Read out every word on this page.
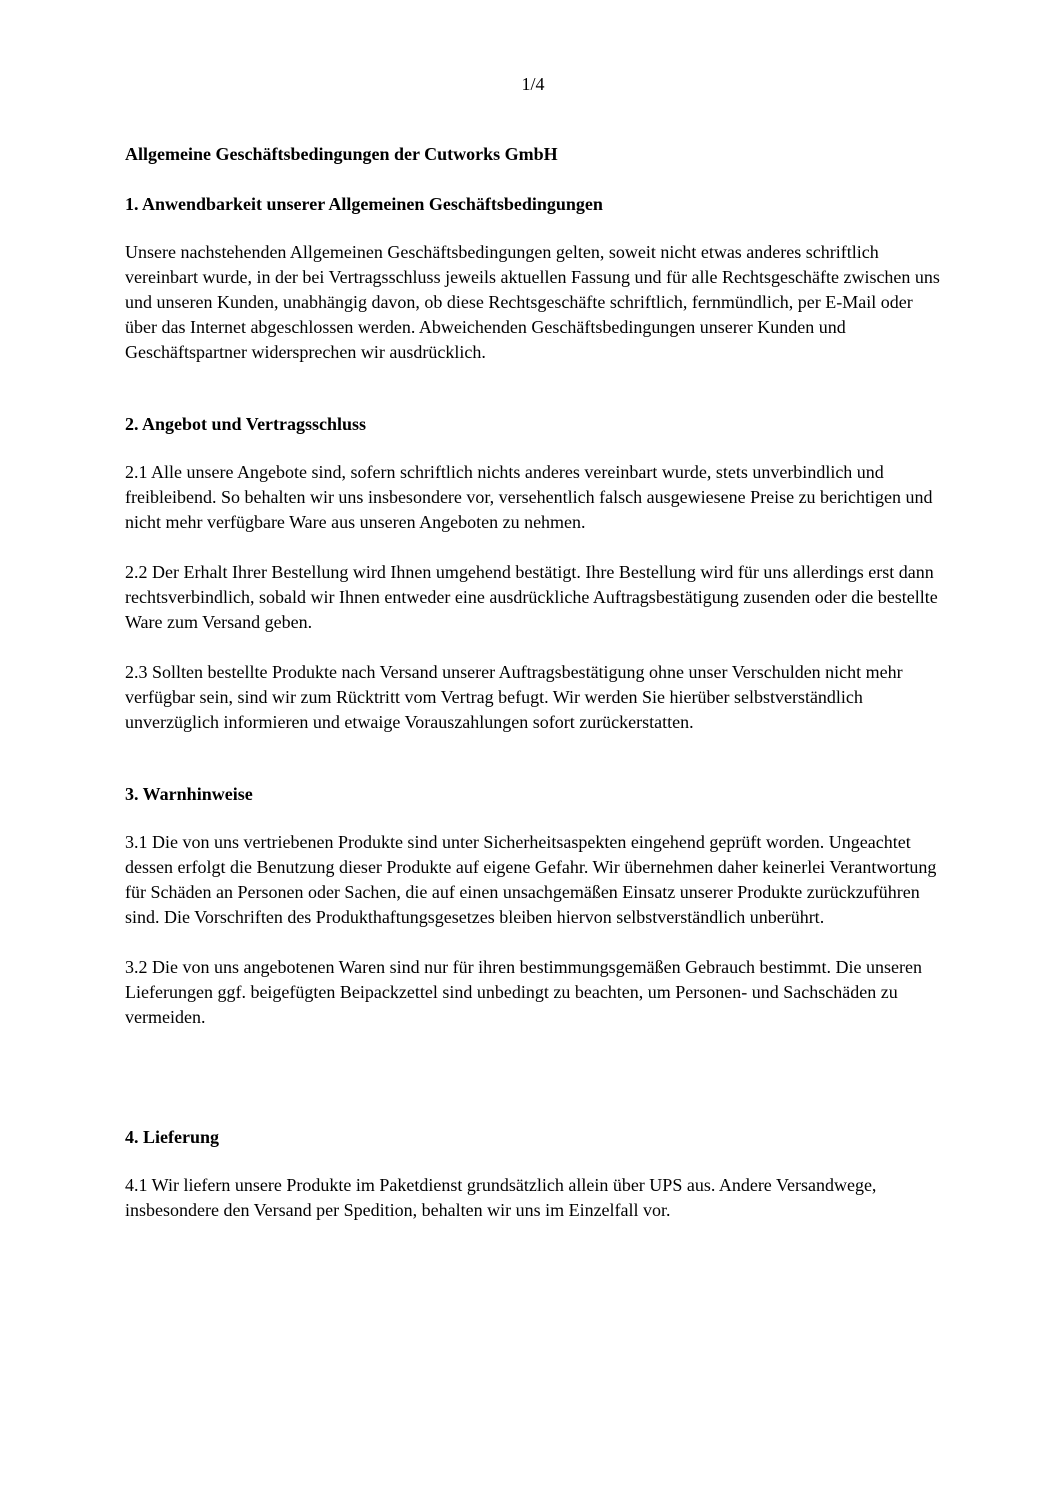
1/4
Allgemeine Geschäftsbedingungen der Cutworks GmbH
1. Anwendbarkeit unserer Allgemeinen Geschäftsbedingungen

Unsere nachstehenden Allgemeinen Geschäftsbedingungen gelten, soweit nicht etwas anderes schriftlich vereinbart wurde, in der bei Vertragsschluss jeweils aktuellen Fassung und für alle Rechtsgeschäfte zwischen uns und unseren Kunden, unabhängig davon, ob diese Rechtsgeschäfte schriftlich, fernmündlich, per E-Mail oder über das Internet abgeschlossen werden. Abweichenden Geschäftsbedingungen unserer Kunden und Geschäftspartner widersprechen wir ausdrücklich.

2. Angebot und Vertragsschluss

2.1 Alle unsere Angebote sind, sofern schriftlich nichts anderes vereinbart wurde, stets unverbindlich und freibleibend. So behalten wir uns insbesondere vor, versehentlich falsch ausgewiesene Preise zu berichtigen und nicht mehr verfügbare Ware aus unseren Angeboten zu nehmen.

2.2 Der Erhalt Ihrer Bestellung wird Ihnen umgehend bestätigt. Ihre Bestellung wird für uns allerdings erst dann rechtsverbindlich, sobald wir Ihnen entweder eine ausdrückliche Auftragsbestätigung zusenden oder die bestellte Ware zum Versand geben.

2.3 Sollten bestellte Produkte nach Versand unserer Auftragsbestätigung ohne unser Verschulden nicht mehr verfügbar sein, sind wir zum Rücktritt vom Vertrag befugt. Wir werden Sie hierüber selbstverständlich unverzüglich informieren und etwaige Vorauszahlungen sofort zurückerstatten.

3. Warnhinweise

3.1 Die von uns vertriebenen Produkte sind unter Sicherheitsaspekten eingehend geprüft worden. Ungeachtet dessen erfolgt die Benutzung dieser Produkte auf eigene Gefahr. Wir übernehmen daher keinerlei Verantwortung für Schäden an Personen oder Sachen, die auf einen unsachgemäßen Einsatz unserer Produkte zurückzuführen sind. Die Vorschriften des Produkthaftungsgesetzes bleiben hiervon selbstverständlich unberührt.

3.2 Die von uns angebotenen Waren sind nur für ihren bestimmungsgemäßen Gebrauch bestimmt. Die unseren Lieferungen ggf. beigefügten Beipackzettel sind unbedingt zu beachten, um Personen- und Sachschäden zu vermeiden.

4. Lieferung

4.1 Wir liefern unsere Produkte im Paketdienst grundsätzlich allein über UPS aus. Andere Versandwege, insbesondere den Versand per Spedition, behalten wir uns im Einzelfall vor.
